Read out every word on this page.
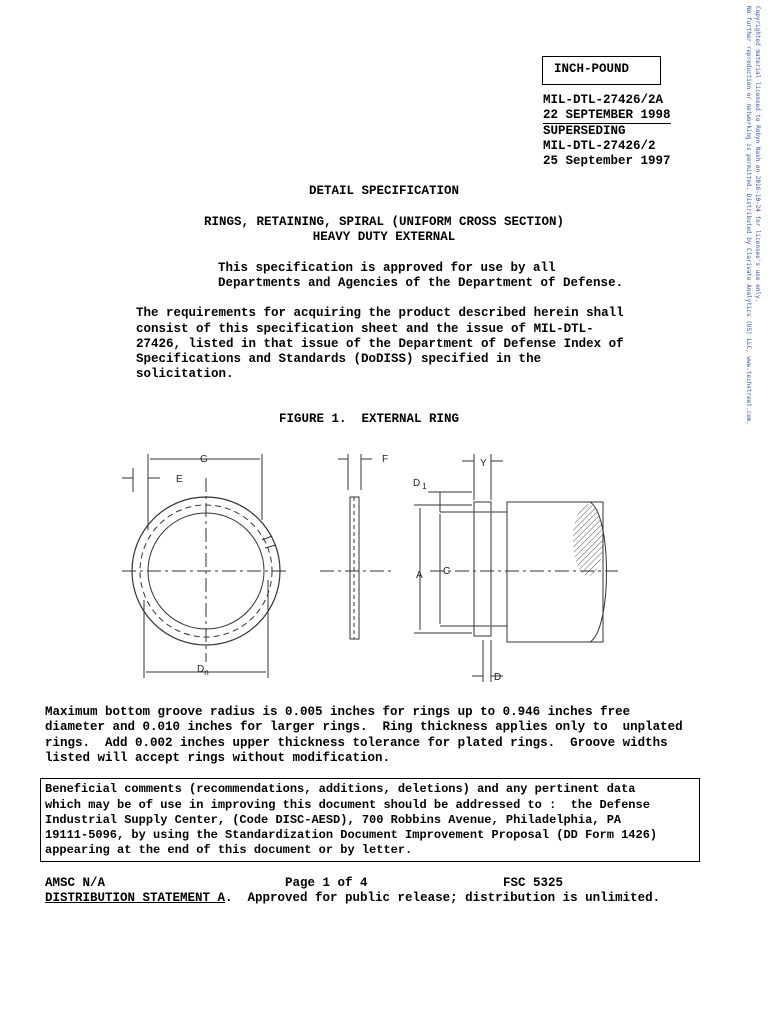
Copyrighted material licensed to Robyn Nash on 2016-10-24 for licensee's use only.
No further reproduction or networking is permitted. Distributed by Clarivate Analytics (US) LLC, www.techstreet.com.
INCH-POUND
MIL-DTL-27426/2A
22 SEPTEMBER 1998
SUPERSEDING
MIL-DTL-27426/2
25 September 1997
DETAIL SPECIFICATION
RINGS, RETAINING, SPIRAL (UNIFORM CROSS SECTION)
HEAVY DUTY EXTERNAL
This specification is approved for use by all
Departments and Agencies of the Department of Defense.
The requirements for acquiring the product described herein shall
consist of this specification sheet and the issue of MIL-DTL-
27426, listed in that issue of the Department of Defense Index of
Specifications and Standards (DoDISS) specified in the
solicitation.
FIGURE 1.  EXTERNAL RING
G
E
$D_n$
F	Y
D $_1$
A C
D
Maximum bottom groove radius is 0.005 inches for rings up to 0.946 inches free
diameter and 0.010 inches for larger rings.  Ring thickness applies only to  unplated
rings.  Add 0.002 inches upper thickness tolerance for plated rings.  Groove widths
listed will accept rings without modification.
Beneficial comments (recommendations, additions, deletions) and any pertinent data
which may be of use in improving this document should be addressed to :  the Defense
Industrial Supply Center, (Code DISC-AESD), 700 Robbins Avenue, Philadelphia, PA
19111-5096, by using the Standardization Document Improvement Proposal (DD Form 1426)
appearing at the end of this document or by letter.
AMSC N/A	Page 1 of 4	FSC 5325
DISTRIBUTION STATEMENT A.  Approved for public release; distribution is unlimited.
